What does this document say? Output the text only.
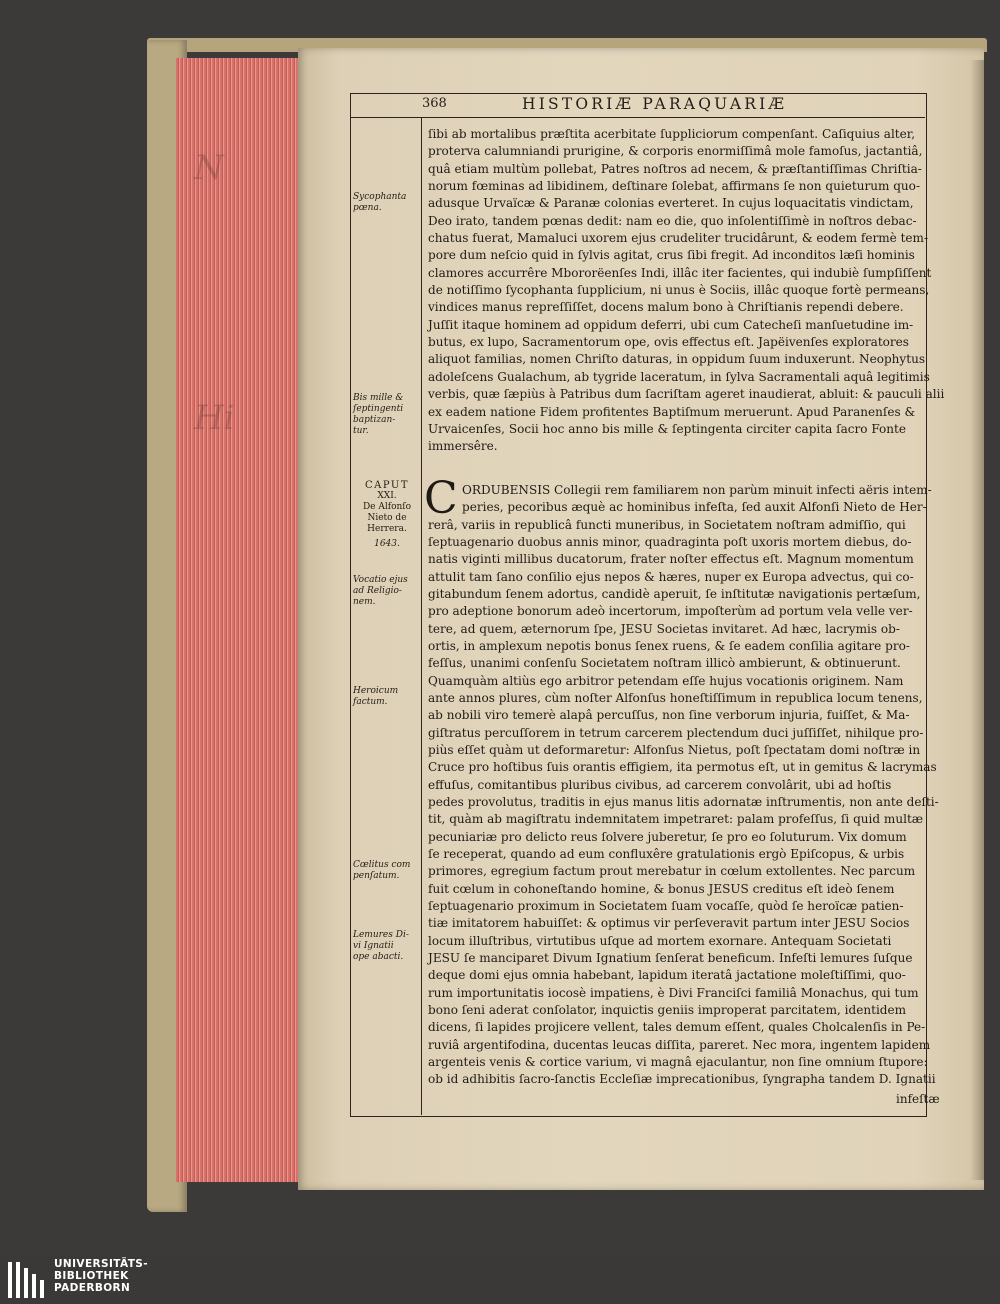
N
Hi
368	HISTORIÆ PARAQUARIÆ
ſibi ab mortalibus præſtita acerbitate ſuppliciorum compenſant. Caſiquius alter,
proterva calumniandi prurigine, & corporis enormiſſimâ mole famoſus, jactantiâ,
quâ etiam multùm pollebat, Patres noſtros ad necem, & præſtantiſſimas Chriſtia-
norum fœminas ad libidinem, deſtinare ſolebat, affirmans ſe non quieturum quo-
adusque Urvaïcæ & Paranæ colonias everteret. In cujus loquacitatis vindictam,
Deo irato, tandem pœnas dedit: nam eo die, quo inſolentiſſimè in noſtros debac-
chatus fuerat, Mamaluci uxorem ejus crudeliter trucidârunt, & eodem fermè tem-
pore dum neſcio quid in ſylvis agitat, crus ſibi fregit. Ad inconditos læſi hominis
clamores accurrêre Mbororëenſes Indi, illâc iter facientes, qui indubiè ſumpſiſſent
de notiſſimo ſycophanta ſupplicium, ni unus è Sociis, illâc quoque fortè permeans,
vindices manus repreſſiſſet, docens malum bono à Chriſtianis rependi debere.
Juſſit itaque hominem ad oppidum deferri, ubi cum Catecheſi manſuetudine im-
butus, ex lupo, Sacramentorum ope, ovis effectus eſt. Japëivenſes exploratores
aliquot familias, nomen Chriſto daturas, in oppidum ſuum induxerunt. Neophytus
adoleſcens Gualachum, ab tygride laceratum, in ſylva Sacramentali aquâ legitimis
verbis, quæ ſæpiùs à Patribus dum ſacriſtam ageret inaudierat, abluit: & pauculi alii
ex eadem natione Fidem profitentes Baptiſmum meruerunt. Apud Paranenſes &
Urvaicenſes, Socii hoc anno bis mille & ſeptingenta circiter capita ſacro Fonte
immersêre.
C ORDUBENSIS Collegii rem familiarem non parùm minuit infecti aëris intem-
peries, pecoribus æquè ac hominibus infeſta, ſed auxit Alfonſi Nieto de Her-
rerâ, variis in republicâ functi muneribus, in Societatem noſtram admiſſio, qui
ſeptuagenario duobus annis minor, quadraginta poſt uxoris mortem diebus, do-
natis viginti millibus ducatorum, frater noſter effectus eſt. Magnum momentum
attulit tam ſano conſilio ejus nepos & hæres, nuper ex Europa advectus, qui co-
gitabundum ſenem adortus, candidè aperuit, ſe inſtitutæ navigationis pertæſum,
pro adeptione bonorum adeò incertorum, impoſterùm ad portum vela velle ver-
tere, ad quem, æternorum ſpe, JESU Societas invitaret. Ad hæc, lacrymis ob-
ortis, in amplexum nepotis bonus ſenex ruens, & ſe eadem conſilia agitare pro-
feſſus, unanimi conſenſu Societatem noſtram illicò ambierunt, & obtinuerunt.
Quamquàm altiùs ego arbitror petendam eſſe hujus vocationis originem. Nam
ante annos plures, cùm noſter Alfonſus honeſtiſſimum in republica locum tenens,
ab nobili viro temerè alapâ percuſſus, non ſine verborum injuria, fuiſſet, & Ma-
giſtratus percuſſorem in tetrum carcerem plectendum duci juſſiſſet, nihilque pro-
piùs eſſet quàm ut deformaretur: Alfonſus Nietus, poſt ſpectatam domi noſtræ in
Cruce pro hoſtibus ſuis orantis effigiem, ita permotus eſt, ut in gemitus & lacrymas
effuſus, comitantibus pluribus civibus, ad carcerem convolârit, ubi ad hoſtis
pedes provolutus, traditis in ejus manus litis adornatæ inſtrumentis, non ante deſti-
tit, quàm ab magiſtratu indemnitatem impetraret: palam profeſſus, ſi quid multæ
pecuniariæ pro delicto reus ſolvere juberetur, ſe pro eo ſoluturum. Vix domum
ſe receperat, quando ad eum confluxêre gratulationis ergò Epiſcopus, & urbis
primores, egregium factum prout merebatur in cœlum extollentes. Nec parcum
fuit cœlum in cohoneſtando homine, & bonus JESUS creditus eſt ideò ſenem
ſeptuagenario proximum in Societatem ſuam vocaſſe, quòd ſe heroïcæ patien-
tiæ imitatorem habuiſſet: & optimus vir perſeveravit partum inter JESU Socios
locum illuſtribus, virtutibus uſque ad mortem exornare. Antequam Societati
JESU ſe manciparet Divum Ignatium ſenſerat beneficum. Infeſti lemures ſuſque
deque domi ejus omnia habebant, lapidum iteratâ jactatione moleſtiſſimi, quo-
rum importunitatis iocosè impatiens, è Divi Franciſci familiâ Monachus, qui tum
bono ſeni aderat conſolator, inquictis geniis improperat parcitatem, identidem
dicens, ſi lapides projicere vellent, tales demum eſſent, quales Cholcalenſis in Pe-
ruviâ argentifodina, ducentas leucas diſſita, pareret. Nec mora, ingentem lapidem
argenteis venis & cortice varium, vi magnâ ejaculantur, non ſine omnium ſtupore:
ob id adhibitis ſacro-ſanctis Eccleſiæ imprecationibus, ſyngrapha tandem D. Ignatii
Sycophanta
pœna.
Bis mille &
ſeptingenti
baptizan-
tur.
CAPUT
XXI.
De Alfonſo
Nieto de
Herrera.
1643.
Vocatio ejus
ad Religio-
nem.
Heroicum
factum.
Cœlitus com
penſatum.
Lemures Di-
vi Ignatii
ope abacti.
infeſtæ
UNIVERSITÄTS-
BIBLIOTHEK
PADERBORN
